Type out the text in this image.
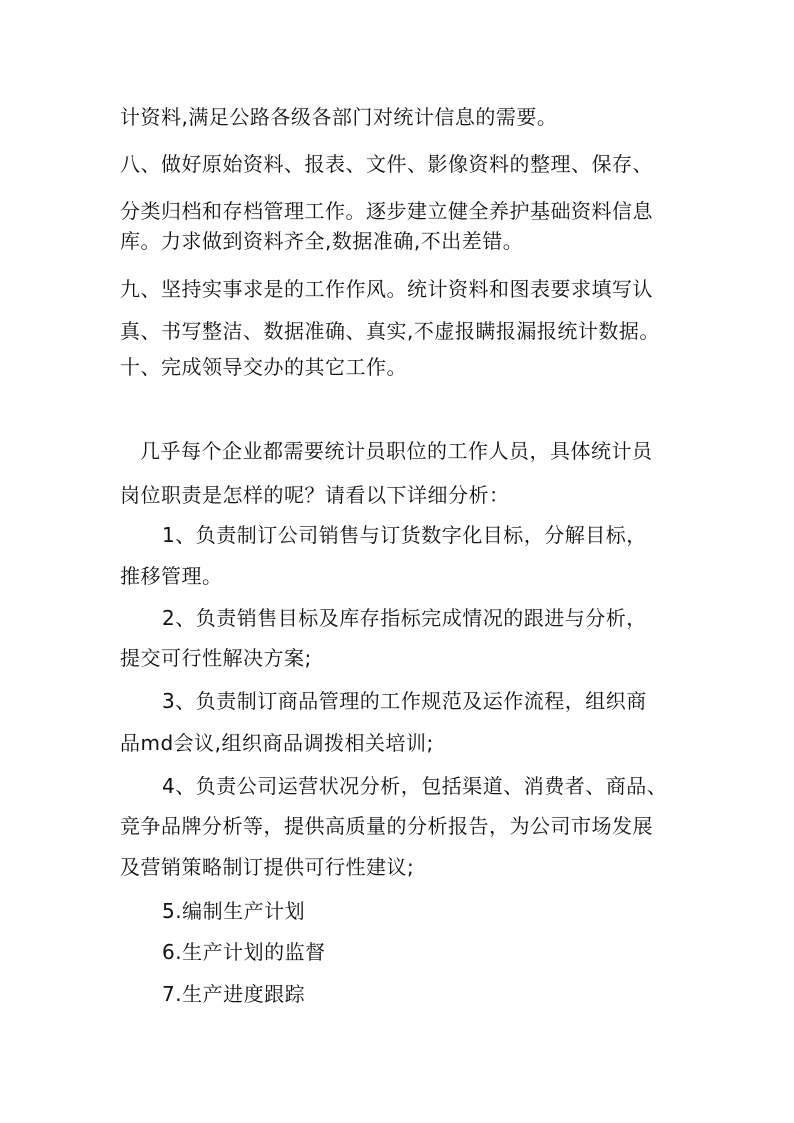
计资料,满足公路各级各部门对统计信息的需要。
八、做好原始资料、报表、文件、影像资料的整理、保存、
分类归档和存档管理工作。逐步建立健全养护基础资料信息
库。力求做到资料齐全,数据准确,不出差错。
九、坚持实事求是的工作作风。统计资料和图表要求填写认
真、书写整洁、数据准确、真实,不虚报瞒报漏报统计数据。
十、完成领导交办的其它工作。
几乎每个企业都需要统计员职位的工作人员，具体统计员
岗位职责是怎样的呢？请看以下详细分析：
1、负责制订公司销售与订货数字化目标，分解目标，
推移管理。
2、负责销售目标及库存指标完成情况的跟进与分析，
提交可行性解决方案;
3、负责制订商品管理的工作规范及运作流程，组织商
品md会议,组织商品调拨相关培训;
4、负责公司运营状况分析，包括渠道、消费者、商品、
竞争品牌分析等，提供高质量的分析报告，为公司市场发展
及营销策略制订提供可行性建议;
5.编制生产计划
6.生产计划的监督
7.生产进度跟踪
